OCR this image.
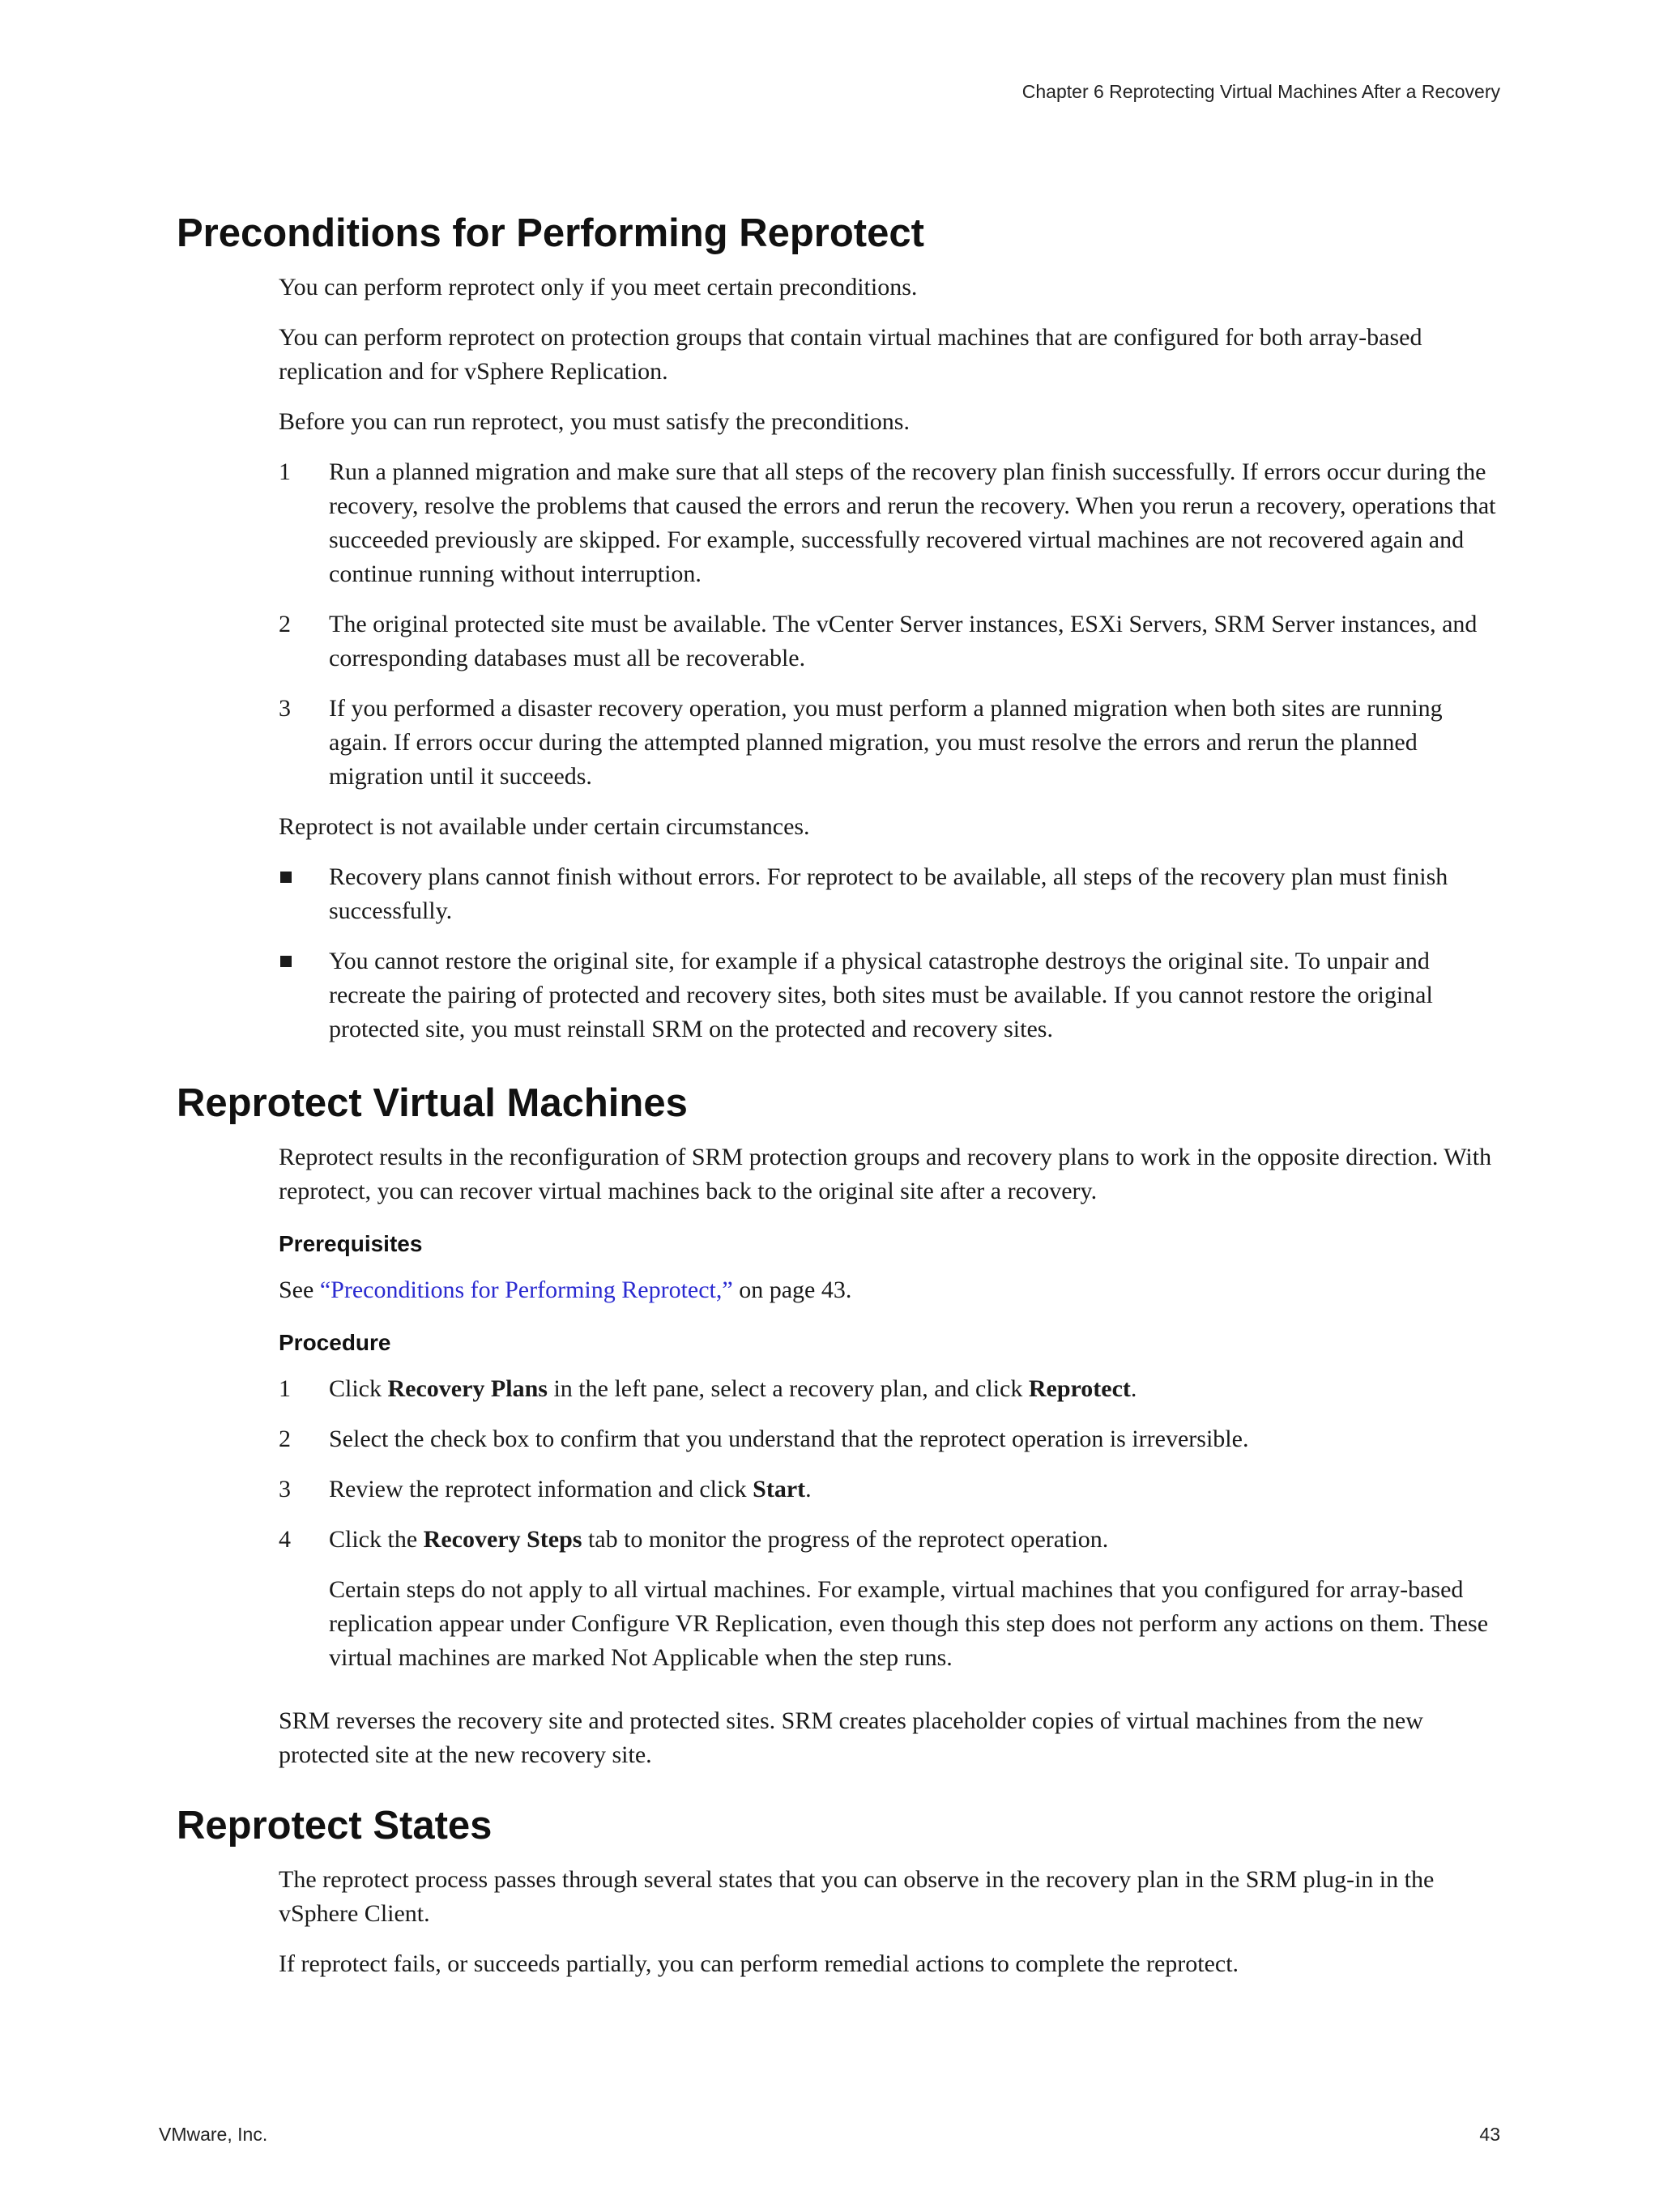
Chapter 6 Reprotecting Virtual Machines After a Recovery
Preconditions for Performing Reprotect

You can perform reprotect only if you meet certain preconditions.

You can perform reprotect on protection groups that contain virtual machines that are configured for both array-based replication and for vSphere Replication.

Before you can run reprotect, you must satisfy the preconditions.

1 Run a planned migration and make sure that all steps of the recovery plan finish successfully. If errors occur during the recovery, resolve the problems that caused the errors and rerun the recovery. When you rerun a recovery, operations that succeeded previously are skipped. For example, successfully recovered virtual machines are not recovered again and continue running without interruption.
2 The original protected site must be available. The vCenter Server instances, ESXi Servers, SRM Server instances, and corresponding databases must all be recoverable.
3 If you performed a disaster recovery operation, you must perform a planned migration when both sites are running again. If errors occur during the attempted planned migration, you must resolve the errors and rerun the planned migration until it succeeds.

Reprotect is not available under certain circumstances.

Recovery plans cannot finish without errors. For reprotect to be available, all steps of the recovery plan must finish successfully.
You cannot restore the original site, for example if a physical catastrophe destroys the original site. To unpair and recreate the pairing of protected and recovery sites, both sites must be available. If you cannot restore the original protected site, you must reinstall SRM on the protected and recovery sites.
Reprotect Virtual Machines

Reprotect results in the reconfiguration of SRM protection groups and recovery plans to work in the opposite direction. With reprotect, you can recover virtual machines back to the original site after a recovery.

Prerequisites

See “Preconditions for Performing Reprotect,” on page 43.

Procedure
1 Click Recovery Plans in the left pane, select a recovery plan, and click Reprotect.
2 Select the check box to confirm that you understand that the reprotect operation is irreversible.
3 Review the reprotect information and click Start.
4 Click the Recovery Steps tab to monitor the progress of the reprotect operation.
Certain steps do not apply to all virtual machines. For example, virtual machines that you configured for array-based replication appear under Configure VR Replication, even though this step does not perform any actions on them. These virtual machines are marked Not Applicable when the step runs.

SRM reverses the recovery site and protected sites. SRM creates placeholder copies of virtual machines from the new protected site at the new recovery site.

Reprotect States

The reprotect process passes through several states that you can observe in the recovery plan in the SRM plug-in in the vSphere Client.

If reprotect fails, or succeeds partially, you can perform remedial actions to complete the reprotect.

VMware, Inc.	43
